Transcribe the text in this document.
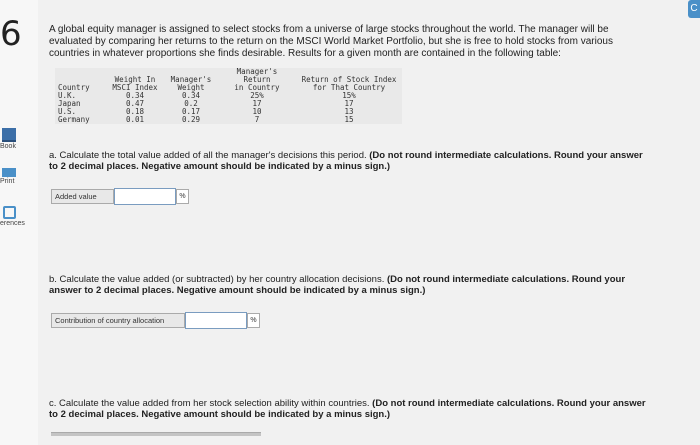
6
Book
Print
erences
C
A global equity manager is assigned to select stocks from a universe of large stocks throughout the world. The manager will be evaluated by comparing her returns to the return on the MSCI World Market Portfolio, but she is free to hold stocks from various countries in whatever proportions she finds desirable. Results for a given month are contained in the following table:
	Weight In	Manager's	Manager's Return	Return of Stock Index
Country	MSCI Index	Weight	in Country	for That Country
U.K.	0.34	0.34	25%	15%
Japan	0.47	0.2	17	17
U.S.	0.18	0.17	10	13
Germany	0.01	0.29	7	15
a. Calculate the total value added of all the manager's decisions this period. (Do not round intermediate calculations. Round your answer to 2 decimal places. Negative amount should be indicated by a minus sign.)
Added value	%
b. Calculate the value added (or subtracted) by her country allocation decisions. (Do not round intermediate calculations. Round your answer to 2 decimal places. Negative amount should be indicated by a minus sign.)
Contribution of country allocation	%
c. Calculate the value added from her stock selection ability within countries. (Do not round intermediate calculations. Round your answer to 2 decimal places. Negative amount should be indicated by a minus sign.)
